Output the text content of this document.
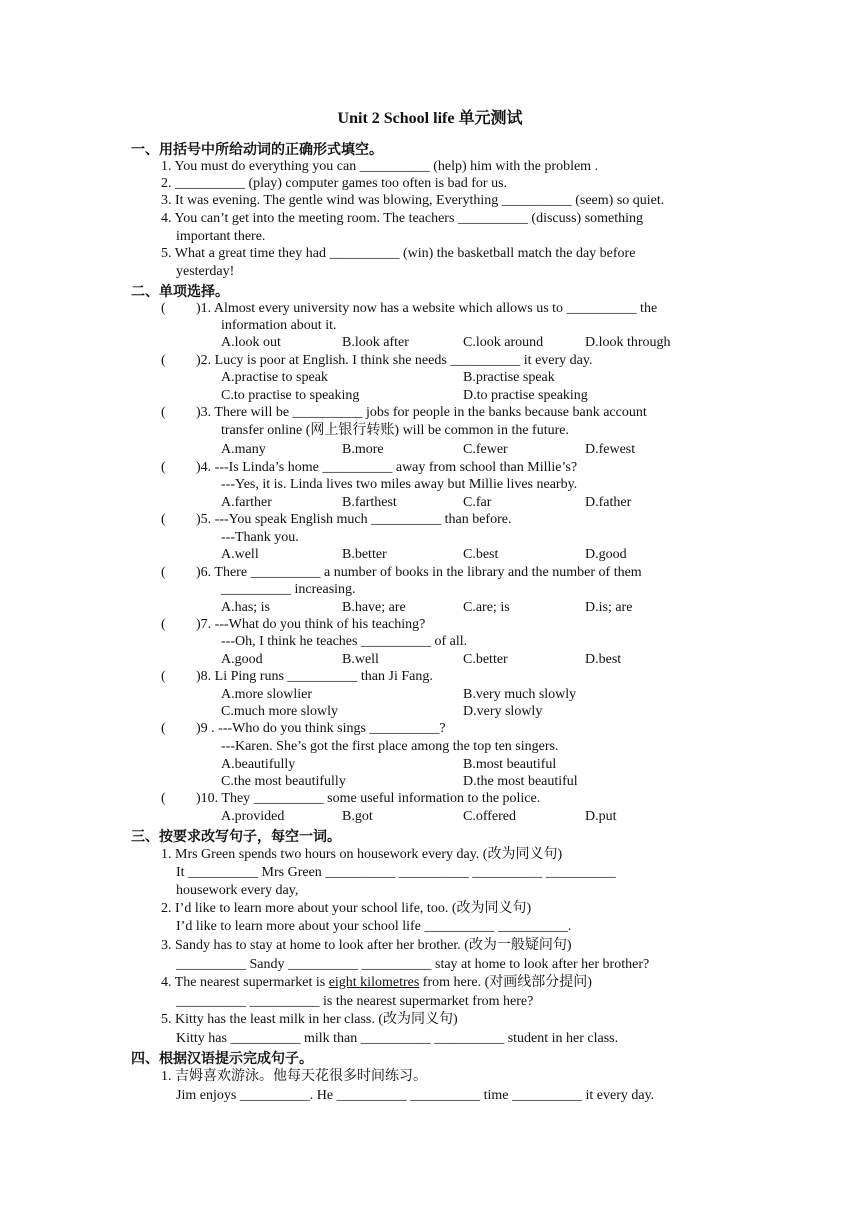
Unit 2 School life 单元测试
一、用括号中所给动词的正确形式填空。
1. You must do everything you can __________ (help) him with the problem .
2. __________ (play) computer games too often is bad for us.
3. It was evening. The gentle wind was blowing, Everything __________ (seem) so quiet.
4. You can’t get into the meeting room. The teachers __________ (discuss) something
important there.
5. What a great time they had __________ (win) the basketball match the day before
yesterday!
二、单项选择。
( )1. Almost every university now has a website which allows us to __________ the
information about it.
A.look out	B.look after	C.look around	D.look through
( )2. Lucy is poor at English. I think she needs __________ it every day.
A.practise to speak	B.practise speak
C.to practise to speaking	D.to practise speaking
( )3. There will be __________ jobs for people in the banks because bank account
transfer online (网上银行转账) will be common in the future.
A.many	B.more	C.fewer	D.fewest
( )4. ---Is Linda’s home __________ away from school than Millie’s?
---Yes, it is. Linda lives two miles away but Millie lives nearby.
A.farther	B.farthest	C.far	D.father
( )5. ---You speak English much __________ than before.
---Thank you.
A.well	B.better	C.best	D.good
( )6. There __________ a number of books in the library and the number of them
__________ increasing.
A.has; is	B.have; are	C.are; is	D.is; are
( )7. ---What do you think of his teaching?
---Oh, I think he teaches __________ of all.
A.good	B.well	C.better	D.best
( )8. Li Ping runs __________ than Ji Fang.
A.more slowlier	B.very much slowly
C.much more slowly	D.very slowly
( )9 . ---Who do you think sings __________?
---Karen. She’s got the first place among the top ten singers.
A.beautifully	B.most beautiful
C.the most beautifully	D.the most beautiful
( )10. They __________ some useful information to the police.
A.provided	B.got	C.offered	D.put
三、按要求改写句子，每空一词。
1. Mrs Green spends two hours on housework every day. (改为同义句)
It __________ Mrs Green __________ __________ __________ __________
housework every day,
2. I’d like to learn more about your school life, too. (改为同义句)
I’d like to learn more about your school life __________ __________.
3. Sandy has to stay at home to look after her brother. (改为一般疑问句)
__________ Sandy __________ __________ stay at home to look after her brother?
4. The nearest supermarket is eight kilometres from here. (对画线部分提问)
__________ __________ is the nearest supermarket from here?
5. Kitty has the least milk in her class. (改为同义句)
Kitty has __________ milk than __________ __________ student in her class.
四、根据汉语提示完成句子。
1. 吉姆喜欢游泳。他每天花很多时间练习。
Jim enjoys __________. He __________ __________ time __________ it every day.
